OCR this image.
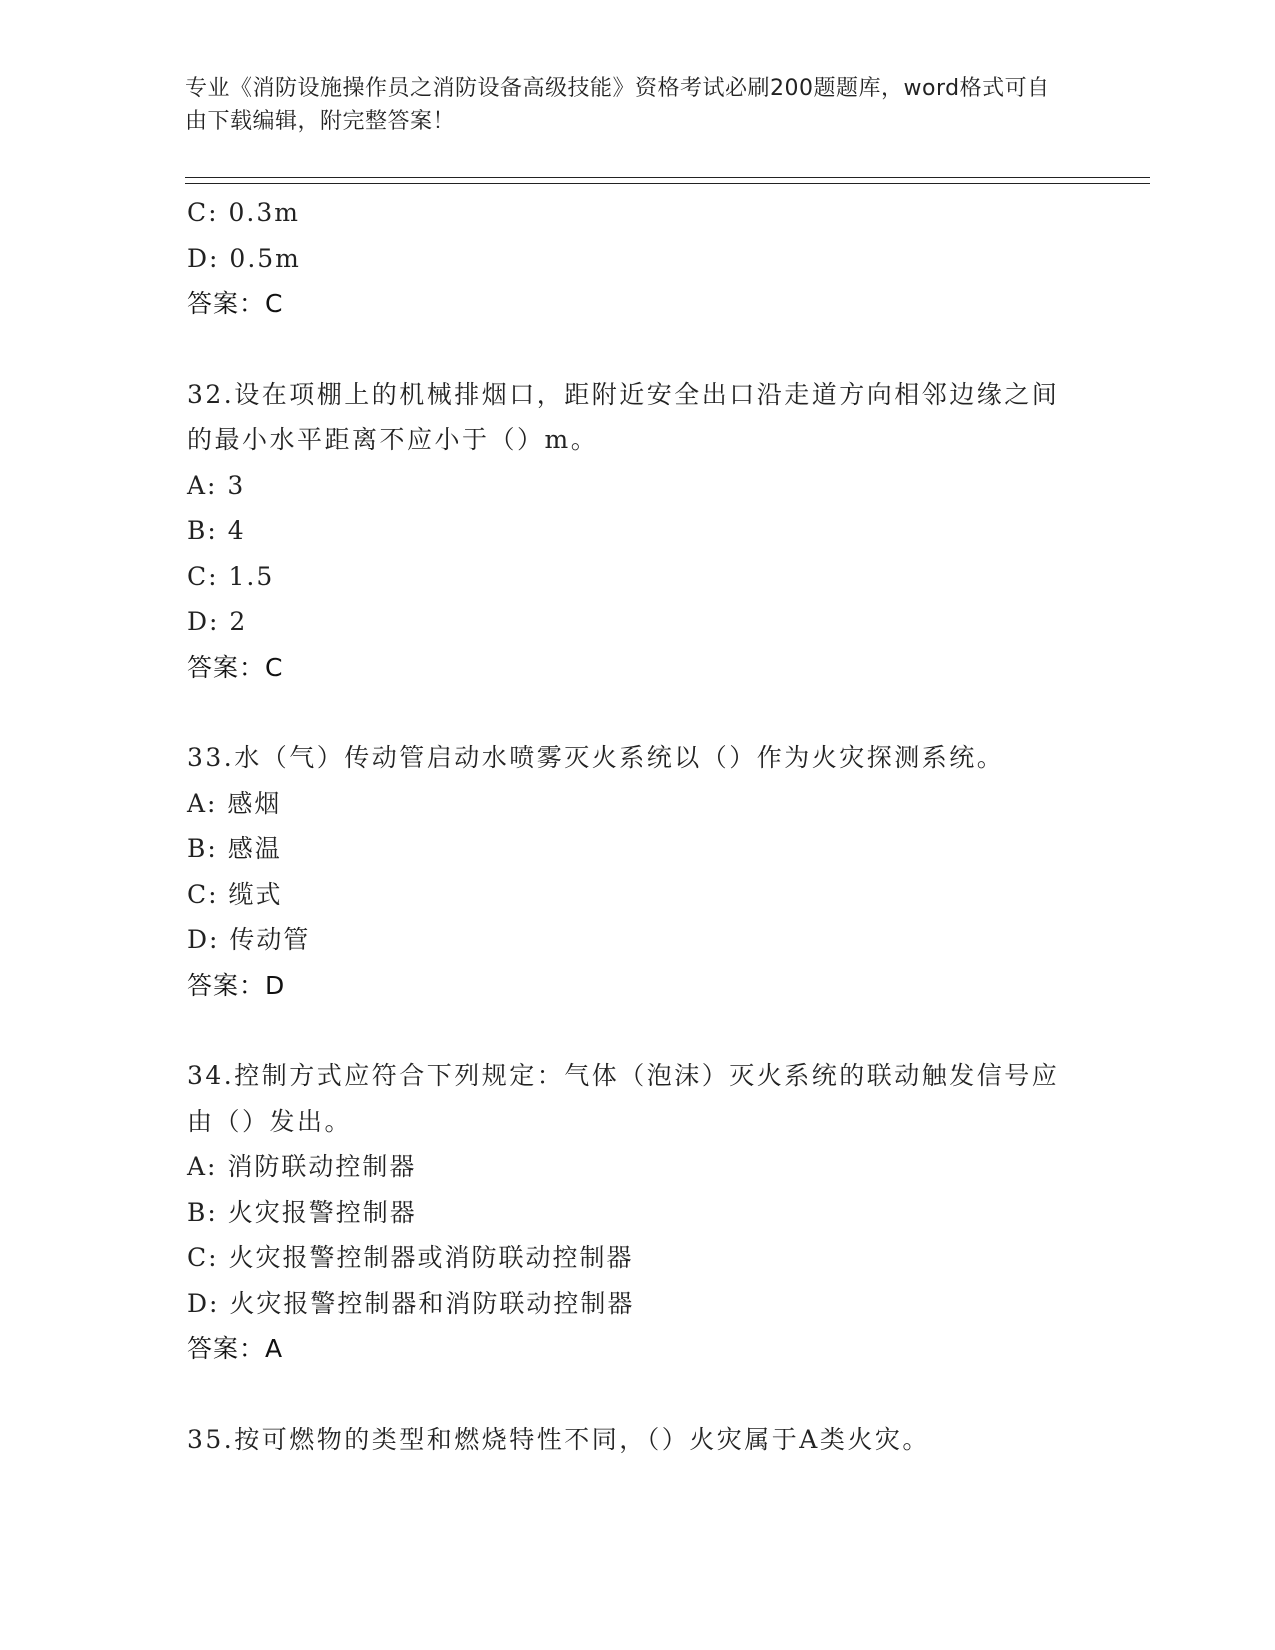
专业《消防设施操作员之消防设备高级技能》资格考试必刷200题题库，word格式可自由下载编辑，附完整答案！
C: 0.3m
D: 0.5m
答案：C
32.设在项棚上的机械排烟口，距附近安全出口沿走道方向相邻边缘之间的最小水平距离不应小于（）m。
A: 3
B: 4
C: 1.5
D: 2
答案：C
33.水（气）传动管启动水喷雾灭火系统以（）作为火灾探测系统。
A: 感烟
B: 感温
C: 缆式
D: 传动管
答案：D
34.控制方式应符合下列规定：气体（泡沫）灭火系统的联动触发信号应由（）发出。
A: 消防联动控制器
B: 火灾报警控制器
C: 火灾报警控制器或消防联动控制器
D: 火灾报警控制器和消防联动控制器
答案：A
35.按可燃物的类型和燃烧特性不同，（）火灾属于A类火灾。
